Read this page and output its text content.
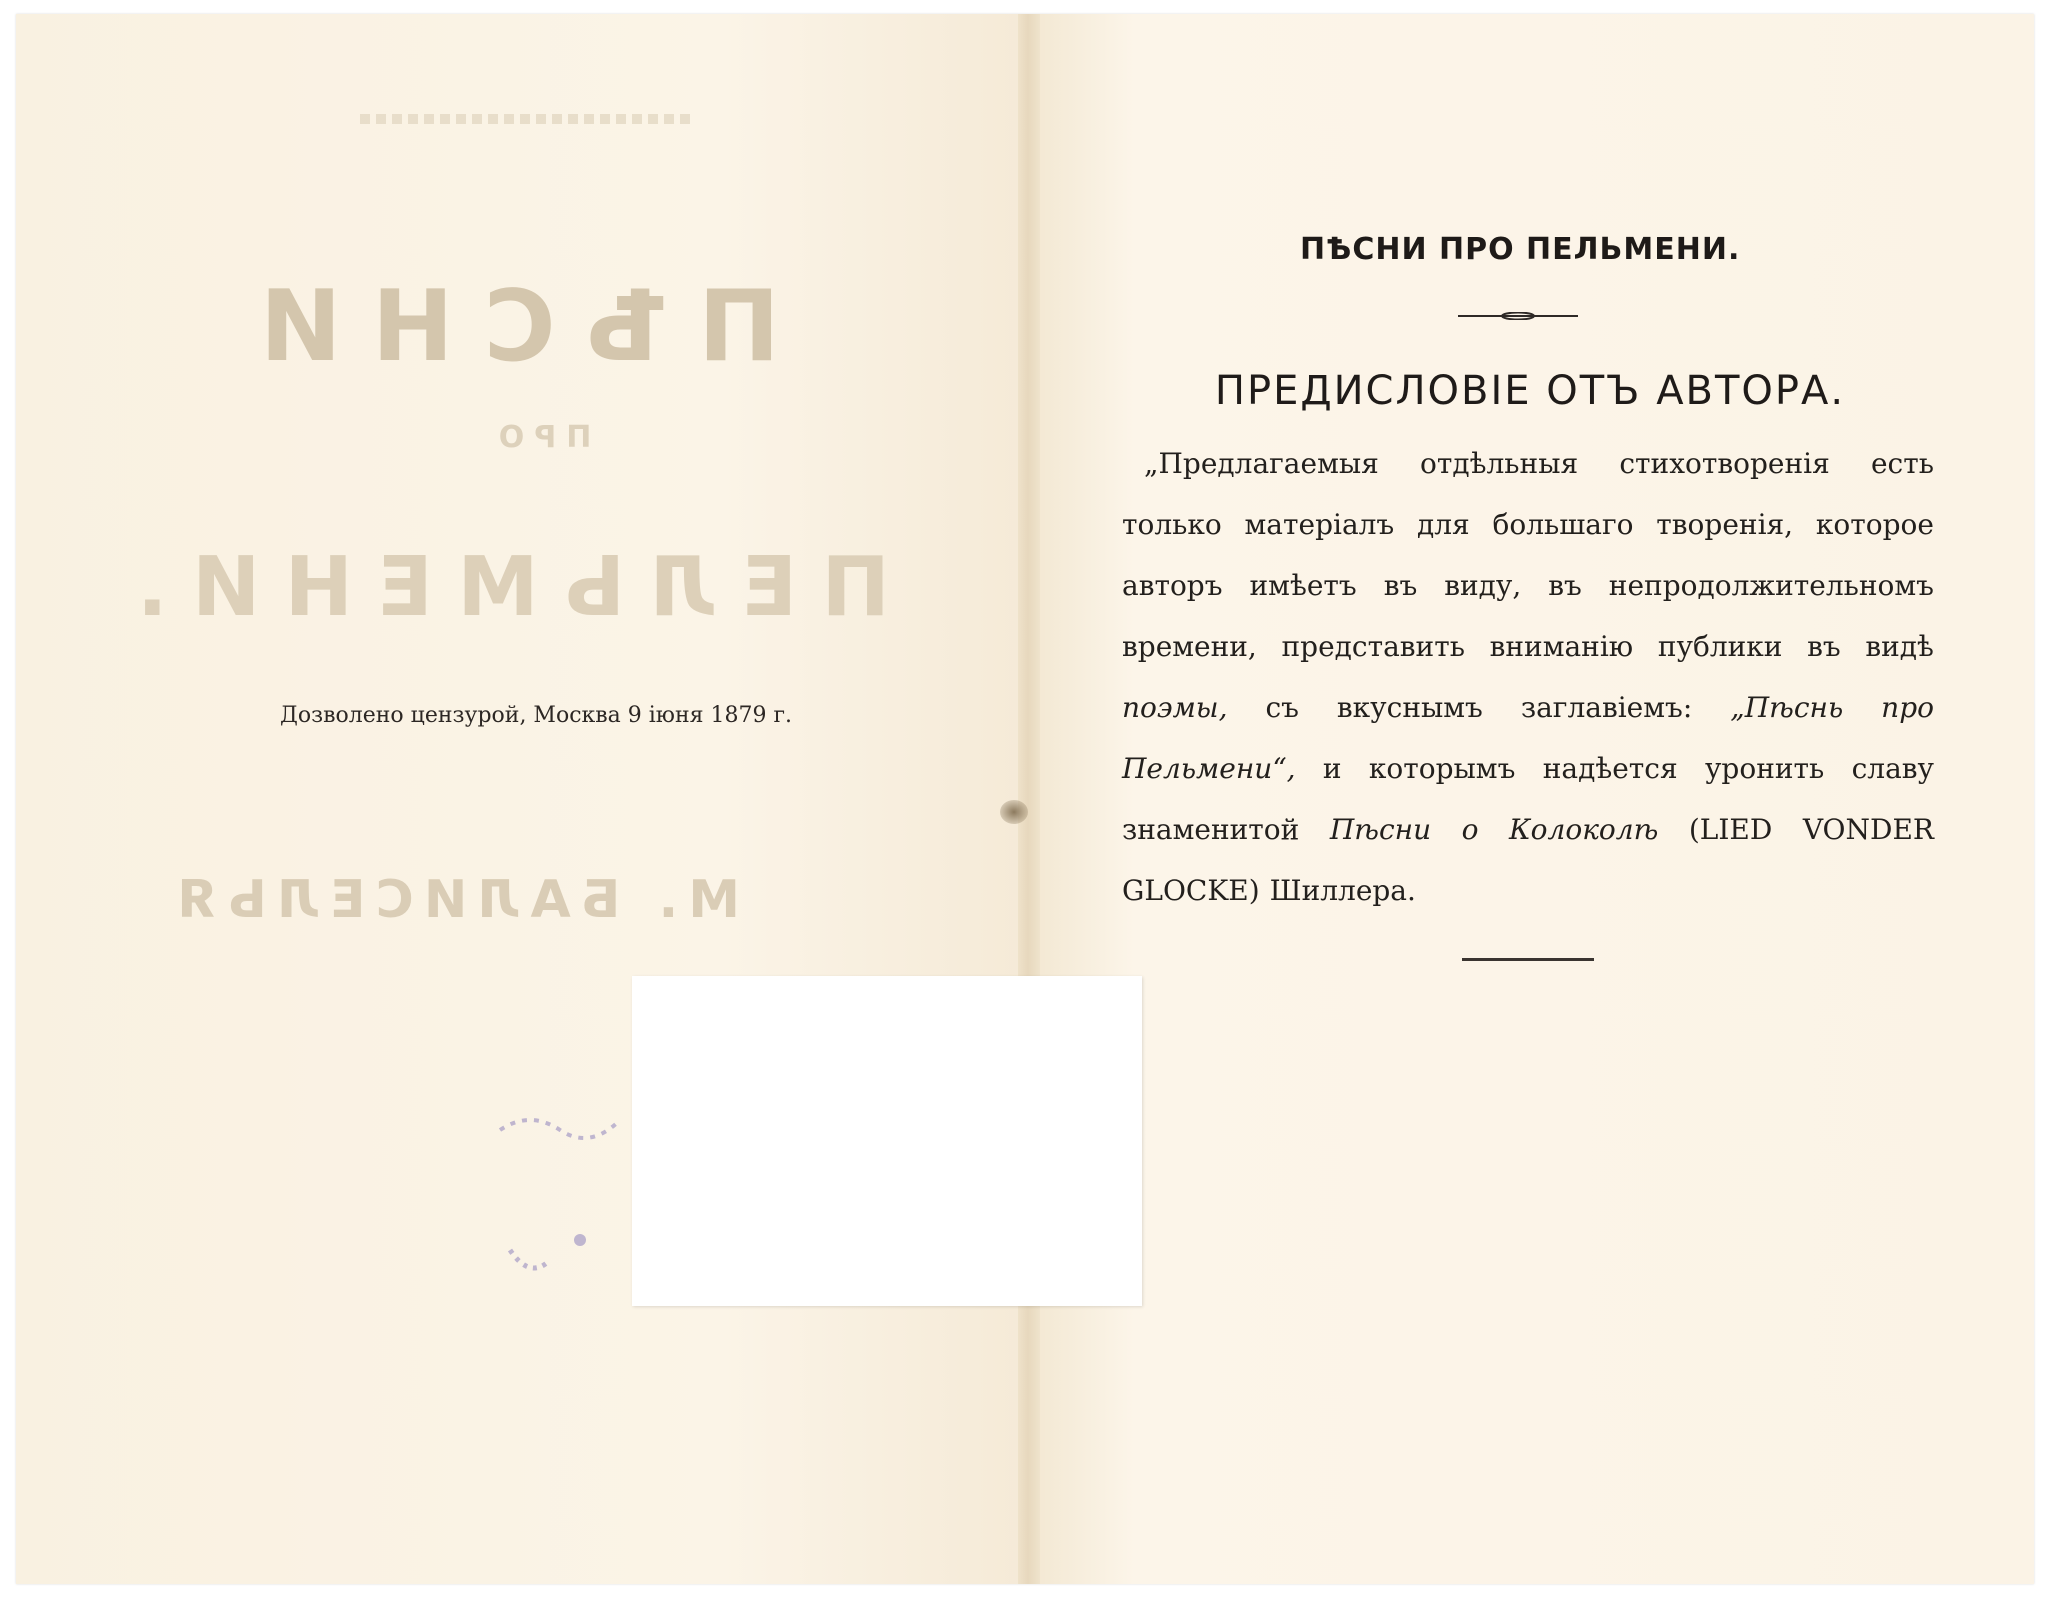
ПѢСНИ
ПРО
ПЕЛЬМЕНИ.
М. БАЛИСЕЛЬЯ
Дозволено цензурой, Москва 9 іюня 1879 г.
ПѢСНИ ПРО ПЕЛЬМЕНИ.
ПРЕДИСЛОВІЕ ОТЪ АВТОРА.
„Предлагаемыя отдѣльныя стихотворенія есть
только матеріалъ для большаго творенія, которое
авторъ имѣетъ въ виду, въ непродолжительномъ
времени, представить вниманію публики въ видѣ
поэмы, съ вкуснымъ заглавіемъ: „Пѣснь про
Пельмени“, и которымъ надѣется уронить славу
знаменитой Пѣсни о Колоколѣ (LIED VONDER
GLOCKE) Шиллера.
